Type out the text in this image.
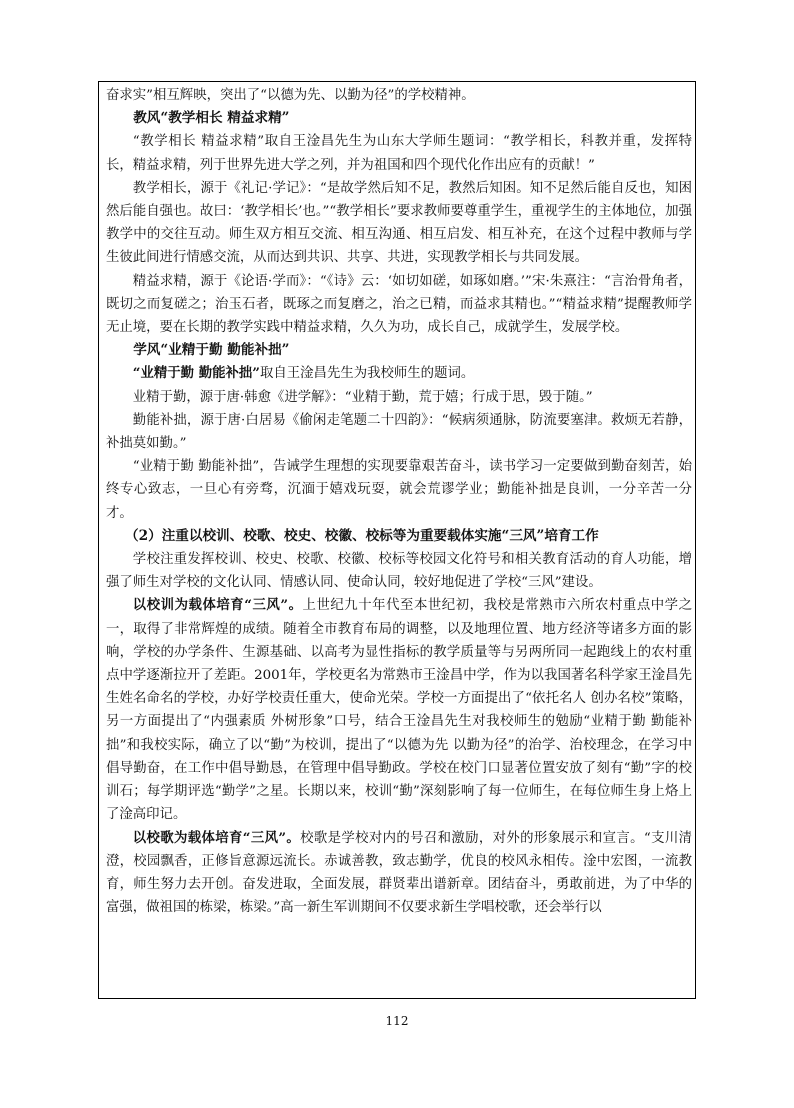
奋求实”相互辉映，突出了“以德为先、以勤为径”的学校精神。

教风“教学相长 精益求精”

“教学相长 精益求精”取自王淦昌先生为山东大学师生题词：“教学相长，科教并重，发挥特长，精益求精，列于世界先进大学之列，并为祖国和四个现代化作出应有的贡献！”

教学相长，源于《礼记·学记》：“是故学然后知不足，教然后知困。知不足然后能自反也，知困然后能自强也。故曰：‘教学相长’也。”“教学相长”要求教师要尊重学生，重视学生的主体地位，加强教学中的交往互动。师生双方相互交流、相互沟通、相互启发、相互补充，在这个过程中教师与学生彼此间进行情感交流，从而达到共识、共享、共进，实现教学相长与共同发展。

精益求精，源于《论语·学而》：“《诗》云：‘如切如磋，如琢如磨。’”宋·朱熹注：“言治骨角者，既切之而复磋之；治玉石者，既琢之而复磨之，治之已精，而益求其精也。”“精益求精”提醒教师学无止境，要在长期的教学实践中精益求精，久久为功，成长自己，成就学生，发展学校。

学风“业精于勤 勤能补拙”

“业精于勤 勤能补拙”取自王淦昌先生为我校师生的题词。

业精于勤，源于唐·韩愈《进学解》：“业精于勤，荒于嬉；行成于思，毁于随。”

勤能补拙，源于唐·白居易《偷闲走笔题二十四韵》：“候病须通脉，防流要塞津。救烦无若静，补拙莫如勤。”

“业精于勤 勤能补拙”，告诫学生理想的实现要靠艰苦奋斗，读书学习一定要做到勤奋刻苦，始终专心致志，一旦心有旁骛，沉湎于嬉戏玩耍，就会荒谬学业；勤能补拙是良训，一分辛苦一分才。

（2）注重以校训、校歌、校史、校徽、校标等为重要载体实施“三风”培育工作

学校注重发挥校训、校史、校歌、校徽、校标等校园文化符号和相关教育活动的育人功能，增强了师生对学校的文化认同、情感认同、使命认同，较好地促进了学校“三风”建设。

以校训为载体培育“三风”。上世纪九十年代至本世纪初，我校是常熟市六所农村重点中学之一，取得了非常辉煌的成绩。随着全市教育布局的调整，以及地理位置、地方经济等诸多方面的影响，学校的办学条件、生源基础、以高考为显性指标的教学质量等与另两所同一起跑线上的农村重点中学逐渐拉开了差距。2001年，学校更名为常熟市王淦昌中学，作为以我国著名科学家王淦昌先生姓名命名的学校，办好学校责任重大，使命光荣。学校一方面提出了“依托名人 创办名校”策略，另一方面提出了“内强素质 外树形象”口号，结合王淦昌先生对我校师生的勉励“业精于勤 勤能补拙”和我校实际，确立了以“勤”为校训，提出了“以德为先 以勤为径”的治学、治校理念，在学习中倡导勤奋，在工作中倡导勤恳，在管理中倡导勤政。学校在校门口显著位置安放了刻有“勤”字的校训石；每学期评选“勤学”之星。长期以来，校训“勤”深刻影响了每一位师生，在每位师生身上烙上了淦高印记。

以校歌为载体培育“三风”。校歌是学校对内的号召和激励，对外的形象展示和宣言。“支川清澄，校园飘香，正修旨意源远流长。赤诚善教，致志勤学，优良的校风永相传。淦中宏图，一流教育，师生努力去开创。奋发进取，全面发展，群贤辈出谱新章。团结奋斗，勇敢前进，为了中华的富强，做祖国的栋梁，栋梁。”高一新生军训期间不仅要求新生学唱校歌，还会举行以

112
